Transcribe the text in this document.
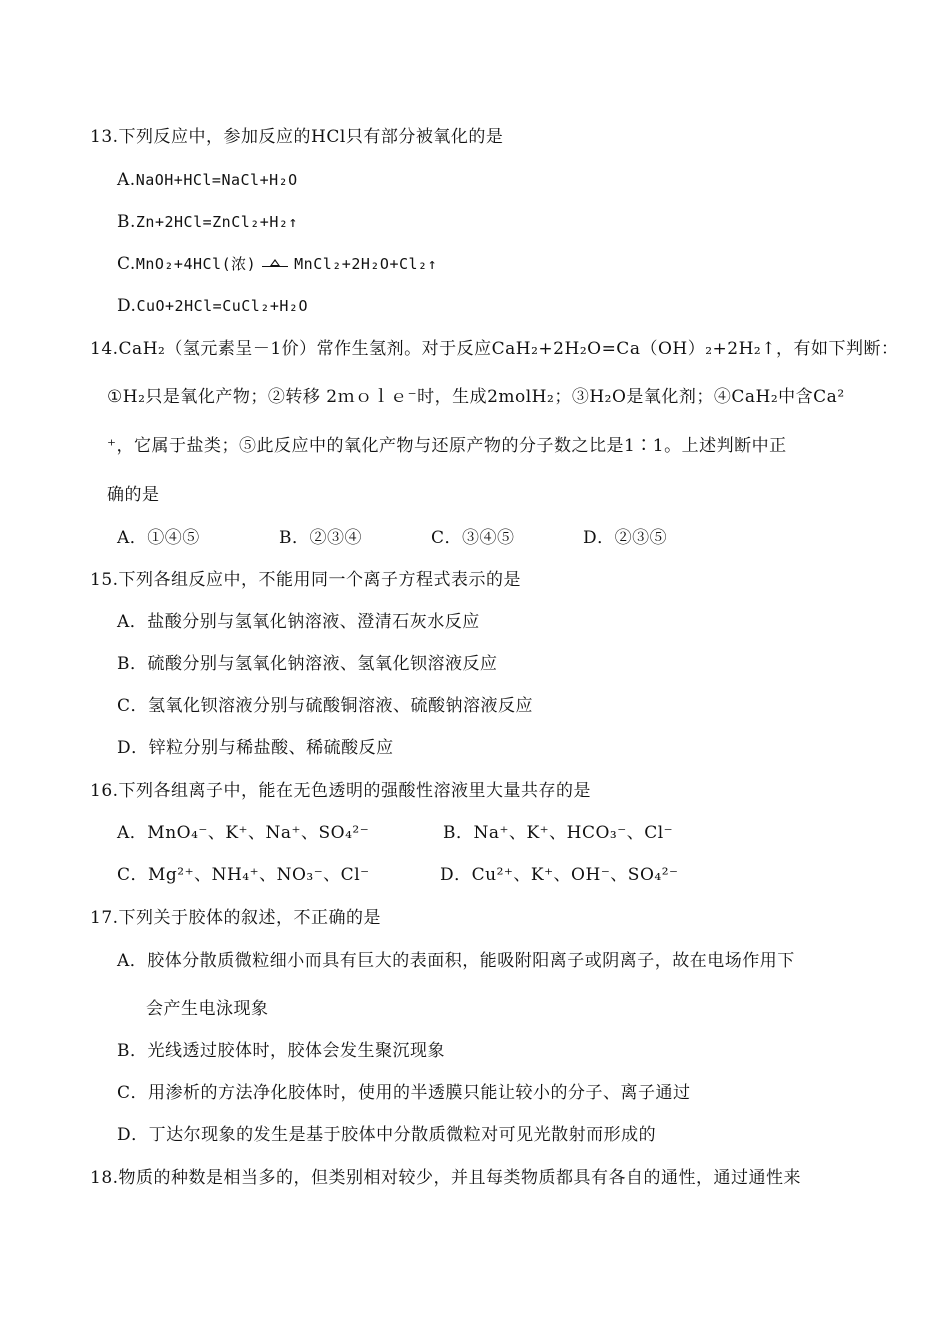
13.下列反应中，参加反应的HCl只有部分被氧化的是
A.NaOH+HCl=NaCl+H₂O
B.Zn+2HCl=ZnCl₂+H₂↑
C.MnO₂+4HCl(浓)	MnCl₂+2H₂O+Cl₂↑
D.CuO+2HCl=CuCl₂+H₂O
14.CaH₂（氢元素呈－1价）常作生氢剂。对于反应CaH₂+2H₂O=Ca（OH）₂+2H₂↑，有如下判断：
①H₂只是氧化产物；②转移 2ｍｏｌｅ⁻时，生成2molH₂；③H₂O是氧化剂；④CaH₂中含Ca²
⁺，它属于盐类；⑤此反应中的氧化产物与还原产物的分子数之比是1∶1。上述判断中正
确的是
A．①④⑤	B．②③④	C．③④⑤	D．②③⑤
15.下列各组反应中，不能用同一个离子方程式表示的是
A．盐酸分别与氢氧化钠溶液、澄清石灰水反应
B．硫酸分别与氢氧化钠溶液、氢氧化钡溶液反应
C．氢氧化钡溶液分别与硫酸铜溶液、硫酸钠溶液反应
D．锌粒分别与稀盐酸、稀硫酸反应
16.下列各组离子中，能在无色透明的强酸性溶液里大量共存的是
A．MnO₄⁻、K⁺、Na⁺、SO₄²⁻	B．Na⁺、K⁺、HCO₃⁻、Cl⁻
C．Mg²⁺、NH₄⁺、NO₃⁻、Cl⁻	D．Cu²⁺、K⁺、OH⁻、SO₄²⁻
17.下列关于胶体的叙述，不正确的是
A．胶体分散质微粒细小而具有巨大的表面积，能吸附阳离子或阴离子，故在电场作用下
会产生电泳现象
B．光线透过胶体时，胶体会发生聚沉现象
C．用渗析的方法净化胶体时，使用的半透膜只能让较小的分子、离子通过
D．丁达尔现象的发生是基于胶体中分散质微粒对可见光散射而形成的
18.物质的种数是相当多的，但类别相对较少，并且每类物质都具有各自的通性，通过通性来
